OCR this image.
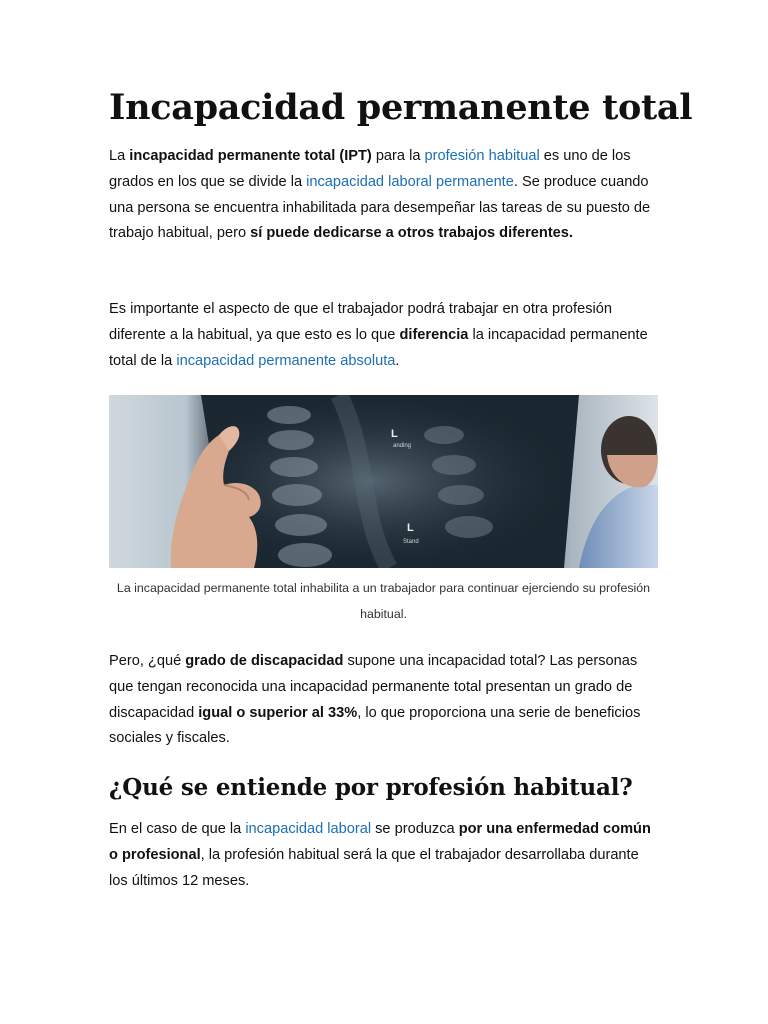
Incapacidad permanente total

La incapacidad permanente total (IPT) para la profesión habitual es uno de los grados en los que se divide la incapacidad laboral permanente. Se produce cuando una persona se encuentra inhabilitada para desempeñar las tareas de su puesto de trabajo habitual, pero sí puede dedicarse a otros trabajos diferentes.

Es importante el aspecto de que el trabajador podrá trabajar en otra profesión diferente a la habitual, ya que esto es lo que diferencia la incapacidad permanente total de la incapacidad permanente absoluta.

L
anding
L
Stand
La incapacidad permanente total inhabilita a un trabajador para continuar ejerciendo su profesión habitual.

Pero, ¿qué grado de discapacidad supone una incapacidad total? Las personas que tengan reconocida una incapacidad permanente total presentan un grado de discapacidad igual o superior al 33%, lo que proporciona una serie de beneficios sociales y fiscales.

¿Qué se entiende por profesión habitual?

En el caso de que la incapacidad laboral se produzca por una enfermedad común o profesional, la profesión habitual será la que el trabajador desarrollaba durante los últimos 12 meses.
